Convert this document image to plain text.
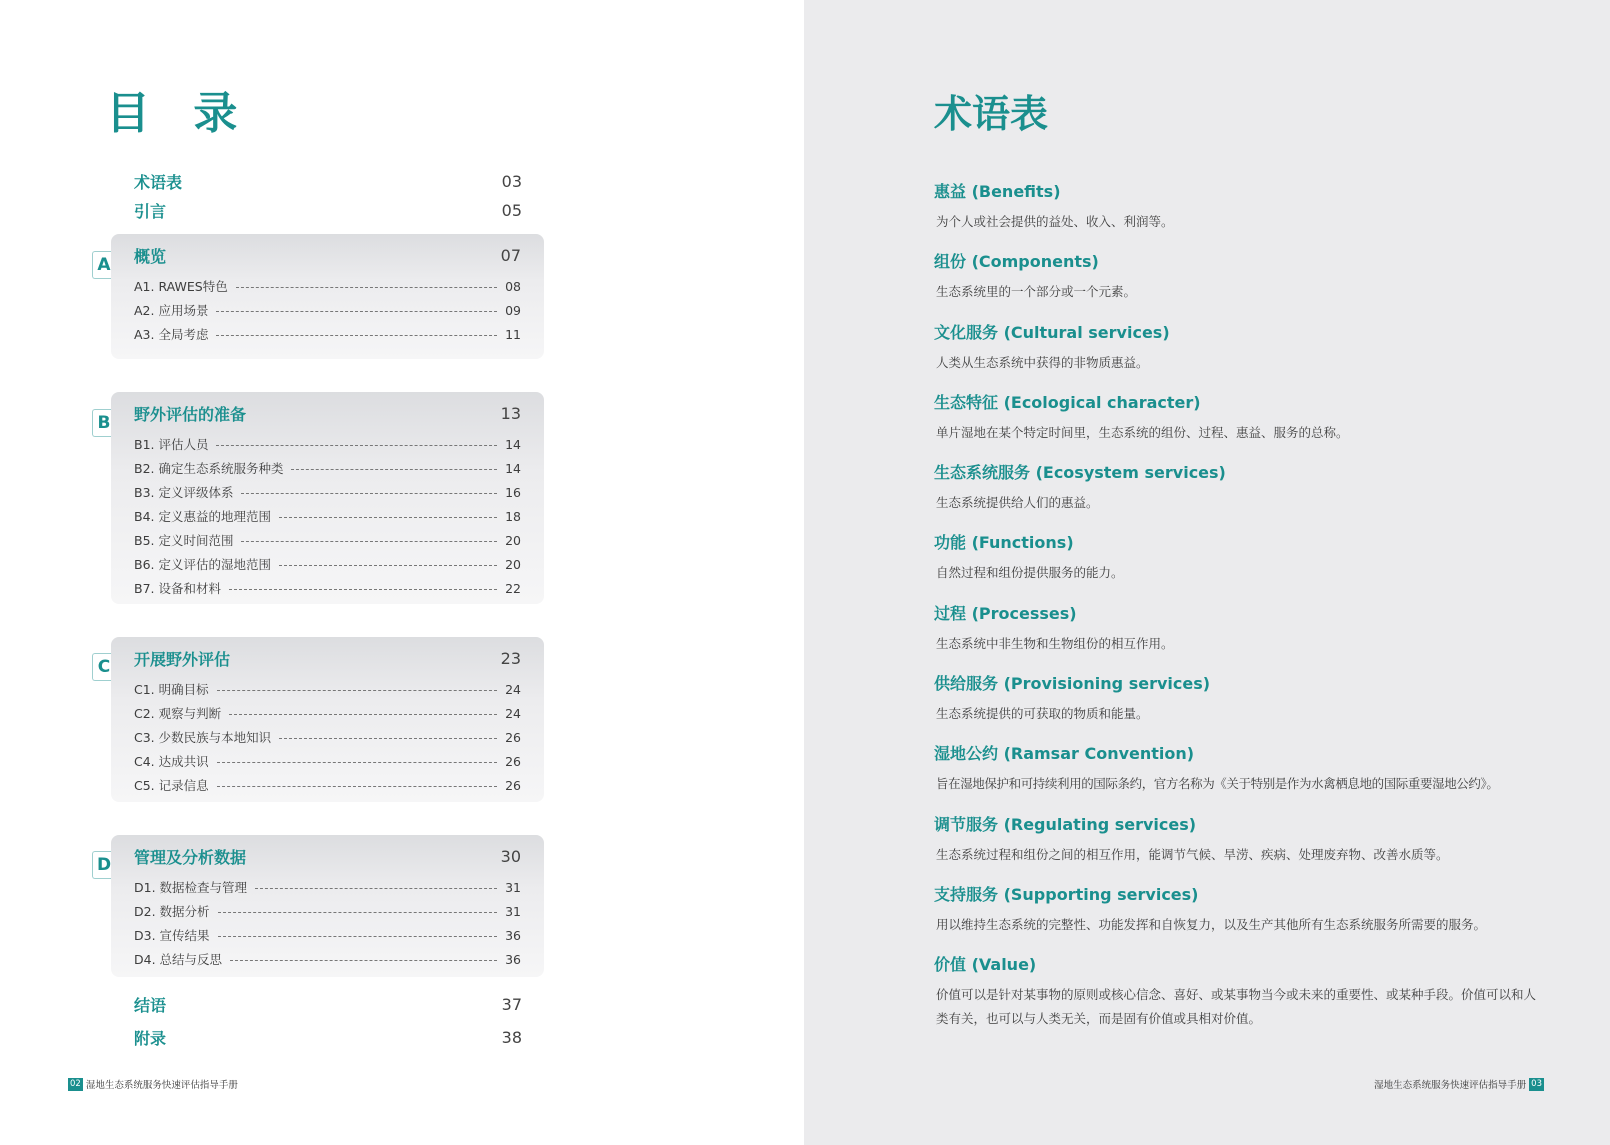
目 录
术语表	03
引言	05
A 概览	07
A1. RAWES特色	08
A2. 应用场景	09
A3. 全局考虑	11
B 野外评估的准备	13
B1. 评估人员	14
B2. 确定生态系统服务种类	14
B3. 定义评级体系	16
B4. 定义惠益的地理范围	18
B5. 定义时间范围	20
B6. 定义评估的湿地范围	20
B7. 设备和材料	22
C 开展野外评估	23
C1. 明确目标	24
C2. 观察与判断	24
C3. 少数民族与本地知识	26
C4. 达成共识	26
C5. 记录信息	26
D 管理及分析数据	30
D1. 数据检查与管理	31
D2. 数据分析	31
D3. 宣传结果	36
D4. 总结与反思	36
结语	37
附录	38
02 湿地生态系统服务快速评估指导手册
术语表
惠益 (Benefits)
为个人或社会提供的益处、收入、利润等。
组份 (Components)
生态系统里的一个部分或一个元素。
文化服务 (Cultural services)
人类从生态系统中获得的非物质惠益。
生态特征 (Ecological character)
单片湿地在某个特定时间里，生态系统的组份、过程、惠益、服务的总称。
生态系统服务 (Ecosystem services)
生态系统提供给人们的惠益。
功能 (Functions)
自然过程和组份提供服务的能力。
过程 (Processes)
生态系统中非生物和生物组份的相互作用。
供给服务 (Provisioning services)
生态系统提供的可获取的物质和能量。
湿地公约 (Ramsar Convention)
旨在湿地保护和可持续利用的国际条约，官方名称为《关于特别是作为水禽栖息地的国际重要湿地公约》。
调节服务 (Regulating services)
生态系统过程和组份之间的相互作用，能调节气候、旱涝、疾病、处理废弃物、改善水质等。
支持服务 (Supporting services)
用以维持生态系统的完整性、功能发挥和自恢复力，以及生产其他所有生态系统服务所需要的服务。
价值 (Value)
价值可以是针对某事物的原则或核心信念、喜好、或某事物当今或未来的重要性、或某种手段。价值可以和人类有关，也可以与人类无关，而是固有价值或具相对价值。
湿地生态系统服务快速评估指导手册 03
